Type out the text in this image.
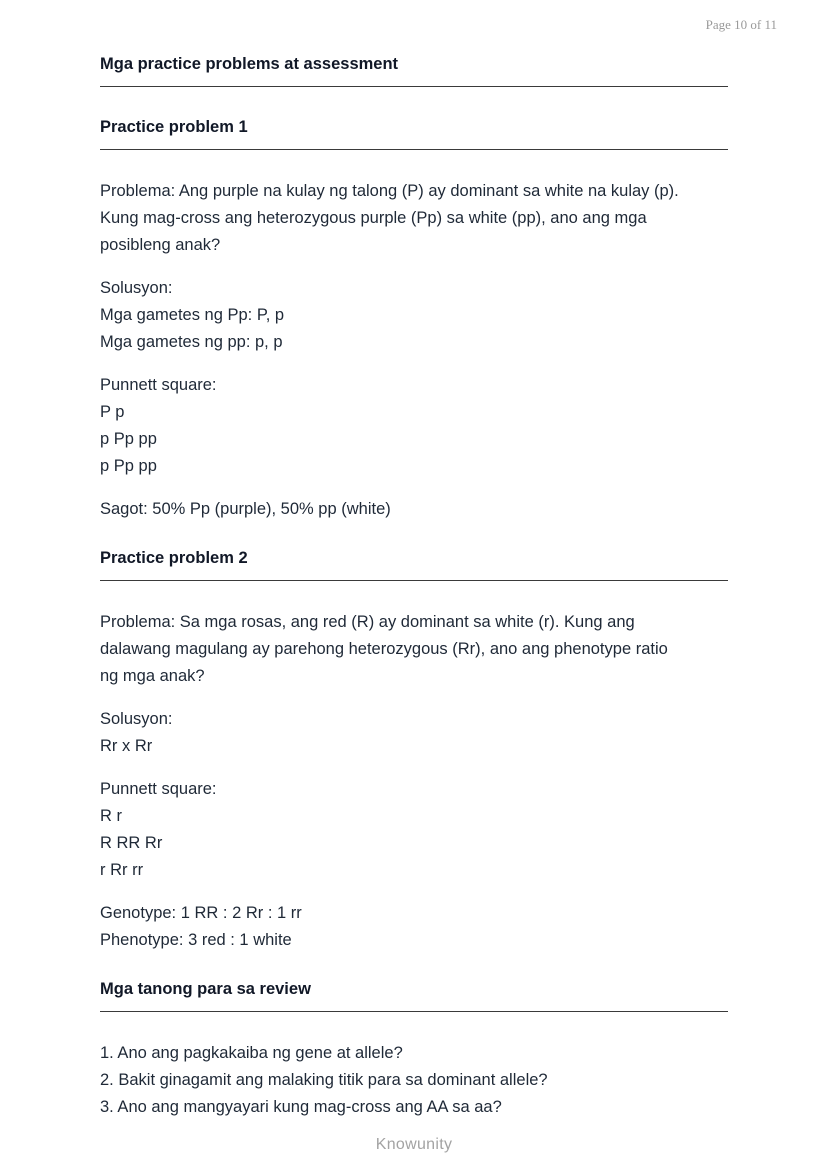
Page 10 of 11
Mga practice problems at assessment
Practice problem 1

Problema: Ang purple na kulay ng talong (P) ay dominant sa white na kulay (p).
Kung mag-cross ang heterozygous purple (Pp) sa white (pp), ano ang mga
posibleng anak?

Solusyon:
Mga gametes ng Pp: P, p
Mga gametes ng pp: p, p

Punnett square:
P p
p Pp pp
p Pp pp

Sagot: 50% Pp (purple), 50% pp (white)

Practice problem 2

Problema: Sa mga rosas, ang red (R) ay dominant sa white (r). Kung ang
dalawang magulang ay parehong heterozygous (Rr), ano ang phenotype ratio
ng mga anak?

Solusyon:
Rr x Rr

Punnett square:
R r
R RR Rr
r Rr rr

Genotype: 1 RR : 2 Rr : 1 rr
Phenotype: 3 red : 1 white

Mga tanong para sa review

1. Ano ang pagkakaiba ng gene at allele?
2. Bakit ginagamit ang malaking titik para sa dominant allele?
3. Ano ang mangyayari kung mag-cross ang AA sa aa?

Knowunity
